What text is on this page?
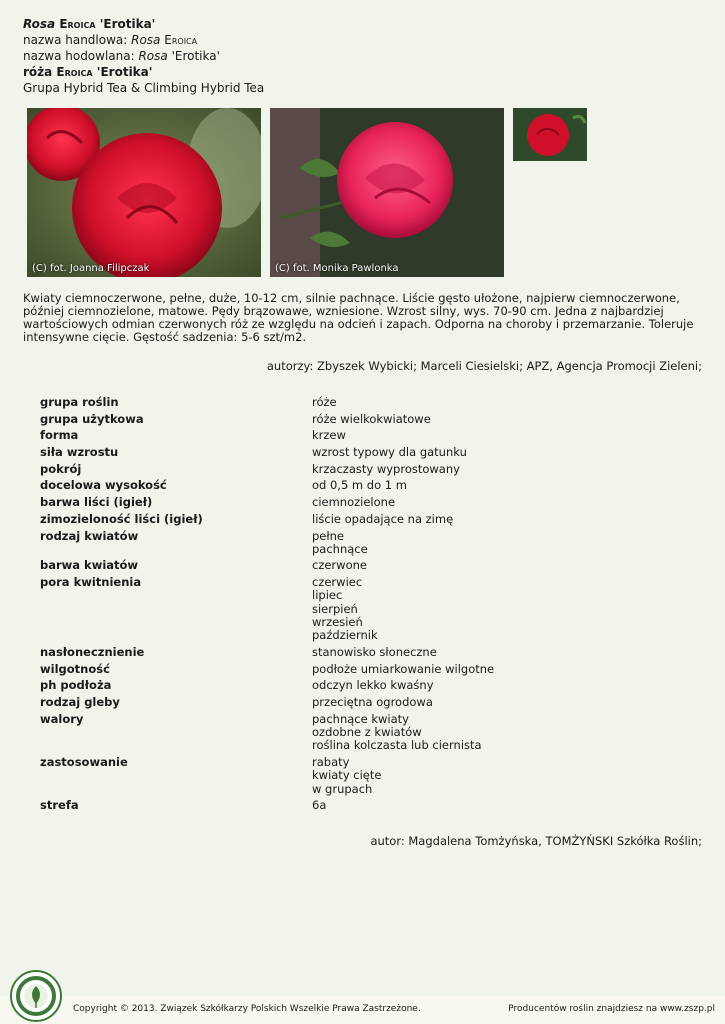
Rosa Eroica 'Erotika'
nazwa handlowa: Rosa Eroica
nazwa hodowlana: Rosa 'Erotika'
róża Eroica 'Erotika'
Grupa Hybrid Tea & Climbing Hybrid Tea
(C) fot. Joanna Filipczak	(C) fot. Monika Pawlonka
Kwiaty ciemnoczerwone, pełne, duże, 10-12 cm, silnie pachnące. Liście gęsto ułożone, najpierw ciemnoczerwone, później ciemnozielone, matowe. Pędy brązowawe, wzniesione. Wzrost silny, wys. 70-90 cm. Jedna z najbardziej wartościowych odmian czerwonych róż ze względu na odcień i zapach. Odporna na choroby i przemarzanie. Toleruje intensywne cięcie. Gęstość sadzenia: 5-6 szt/m2.
autorzy: Zbyszek Wybicki; Marceli Ciesielski; APZ, Agencja Promocji Zieleni;
grupa roślin	róże
grupa użytkowa	róże wielkokwiatowe
forma	krzew
siła wzrostu	wzrost typowy dla gatunku
pokrój	krzaczasty wyprostowany
docelowa wysokość	od 0,5 m do 1 m
barwa liści (igieł)	ciemnozielone
zimozieloność liści (igieł)	liście opadające na zimę
rodzaj kwiatów	pełne
pachnące
barwa kwiatów	czerwone
pora kwitnienia	czerwiec
lipiec
sierpień
wrzesień
październik
nasłonecznienie	stanowisko słoneczne
wilgotność	podłoże umiarkowanie wilgotne
ph podłoża	odczyn lekko kwaśny
rodzaj gleby	przeciętna ogrodowa
walory	pachnące kwiaty
ozdobne z kwiatów
roślina kolczasta lub ciernista
zastosowanie	rabaty
kwiaty cięte
w grupach
strefa	6a
autor: Magdalena Tomżyńska, TOMŻYŃSKI Szkółka Roślin;
Copyright © 2013. Związek Szkółkarzy Polskich Wszelkie Prawa Zastrzeżone.	Producentów roślin znajdziesz na www.zszp.pl
